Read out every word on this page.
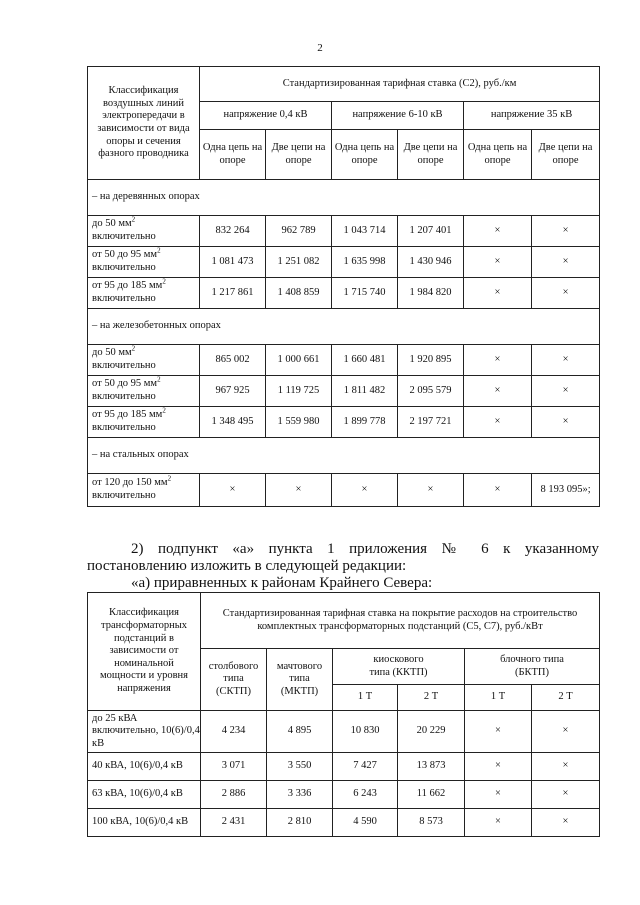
2
Классификация воздушных линий электропередачи в зависимости от вида опоры и сечения фазного проводника	Стандартизированная тарифная ставка (С2), руб./км					
	напряжение 0,4 кВ		напряжение 6-10 кВ		напряжение 35 кВ	
	Одна цепь на опоре	Две цепи на опоре	Одна цепь на опоре	Две цепи на опоре	Одна цепь на опоре	Две цепи на опоре
– на деревянных опорах						
до 50 $мм^2$
включительно	832 264	962 789	1 043 714	1 207 401	×	×
от 50 до 95 $мм^2$
включительно	1 081 473	1 251 082	1 635 998	1 430 946	×	×
от 95 до 185 $мм^2$
включительно	1 217 861	1 408 859	1 715 740	1 984 820	×	×
– на железобетонных опорах						
до 50 $мм^2$
включительно	865 002	1 000 661	1 660 481	1 920 895	×	×
от 50 до 95 $мм^2$
включительно	967 925	1 119 725	1 811 482	2 095 579	×	×
от 95 до 185 $мм^2$
включительно	1 348 495	1 559 980	1 899 778	2 197 721	×	×
– на стальных опорах						
от 120 до 150 $мм^2$
включительно	×	×	×	×	×	8 193 095»;
2) подпункт «а» пункта 1 приложения № 6 к указанному
постановлению изложить в следующей редакции:
«а) приравненных к районам Крайнего Севера:
Классификация трансформаторных подстанций в зависимости от номинальной мощности и уровня напряжения	Стандартизированная тарифная ставка на покрытие расходов на строительство комплектных трансформаторных подстанций (С5, С7), руб./кВт					
	столбового типа (СКТП)	мачтового типа (МКТП)	киоскового типа (ККТП)		блочного типа (БКТП)	
			1 Т	2 Т	1 Т	2 Т
до 25 кВА включительно, 10(6)/0,4 кВ	4 234	4 895	10 830	20 229	×	×
40 кВА, 10(6)/0,4 кВ	3 071	3 550	7 427	13 873	×	×
63 кВА, 10(6)/0,4 кВ	2 886	3 336	6 243	11 662	×	×
100 кВА, 10(6)/0,4 кВ	2 431	2 810	4 590	8 573	×	×
